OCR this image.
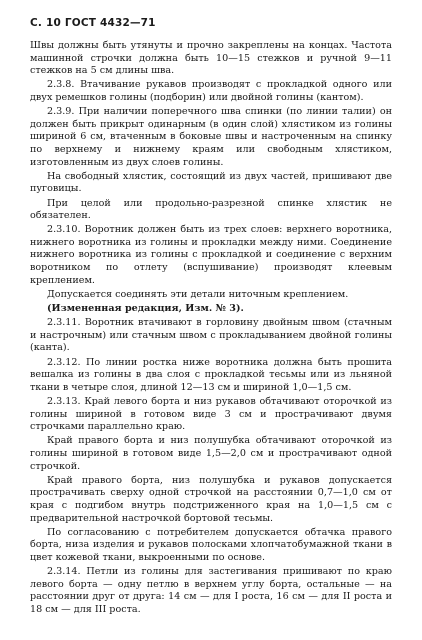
С. 10 ГОСТ 4432—71

Швы должны быть утянуты и прочно закреплены на концах. Частота машинной строчки должна быть 10—15 стежков и ручной 9—11 стежков на 5 см длины шва.

2.3.8. Втачивание рукавов производят с прокладкой одного или двух ремешков голины (подборин) или двойной голины (кантом).

2.3.9. При наличии поперечного шва спинки (по линии талии) он должен быть прикрыт одинарным (в один слой) хлястиком из голины шириной 6 см, втаченным в боковые швы и настроченным на спинку по верхнему и нижнему краям или свободным хлястиком, изготовленным из двух слоев голины.

На свободный хлястик, состоящий из двух частей, пришивают две пуговицы.

При целой или продольно-разрезной спинке хлястик не обязателен.

2.3.10. Воротник должен быть из трех слоев: верхнего воротника, нижнего воротника из голины и прокладки между ними. Соединение нижнего воротника из голины с прокладкой и соединение с верхним воротником по отлету (вспушивание) производят клеевым креплением.

Допускается соединять эти детали ниточным креплением.

(Измененная редакция, Изм. № 3).

2.3.11. Воротник втачивают в горловину двойным швом (стачным и настрочным) или стачным швом с прокладыванием двойной голины (канта).

2.3.12. По линии ростка ниже воротника должна быть прошита вешалка из голины в два слоя с прокладкой тесьмы или из льняной ткани в четыре слоя, длиной 12—13 см и шириной 1,0—1,5 см.

2.3.13. Край левого борта и низ рукавов обтачивают оторочкой из голины шириной в готовом виде 3 см и прострачивают двумя строчками параллельно краю.

Край правого борта и низ полушубка обтачивают оторочкой из голины шириной в готовом виде 1,5—2,0 см и прострачивают одной строчкой.

Край правого борта, низ полушубка и рукавов допускается прострачивать сверху одной строчкой на расстоянии 0,7—1,0 см от края с подгибом внутрь подстриженного края на 1,0—1,5 см с предварительной настрочкой бортовой тесьмы.

По согласованию с потребителем допускается обтачка правого борта, низа изделия и рукавов полосками хлопчатобумажной ткани в цвет кожевой ткани, выкроенными по основе.

2.3.14. Петли из голины для застегивания пришивают по краю левого борта — одну петлю в верхнем углу борта, остальные — на расстоянии друг от друга: 14 см — для I роста, 16 см — для II роста и 18 см — для III роста.
